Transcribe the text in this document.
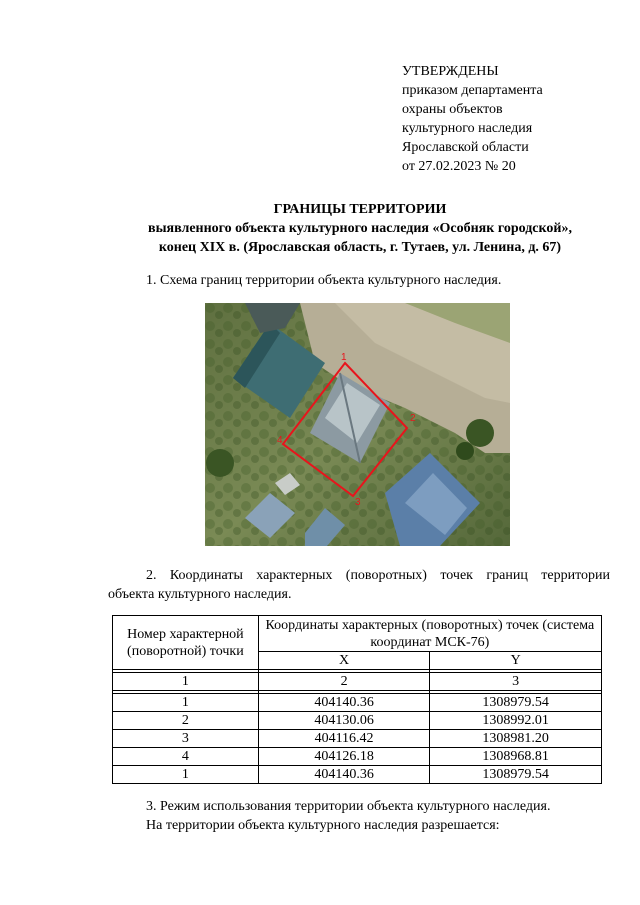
УТВЕРЖДЕНЫ
приказом департамента
охраны объектов
культурного наследия
Ярославской области
от 27.02.2023 № 20
ГРАНИЦЫ ТЕРРИТОРИИ
выявленного объекта культурного наследия «Особняк городской»,
конец XIX в. (Ярославская область, г. Тутаев, ул. Ленина, д. 67)
1. Схема границ территории объекта культурного наследия.
1
2
3
4
2. Координаты характерных (поворотных) точек границ территории
объекта культурного наследия.
Номер характерной (поворотной) точки	Координаты характерных (поворотных) точек (система координат МСК-76)	
	X	Y

1	2	3

1	404140.36	1308979.54
2	404130.06	1308992.01
3	404116.42	1308981.20
4	404126.18	1308968.81
1	404140.36	1308979.54
3. Режим использования территории объекта культурного наследия.
На территории объекта культурного наследия разрешается:
